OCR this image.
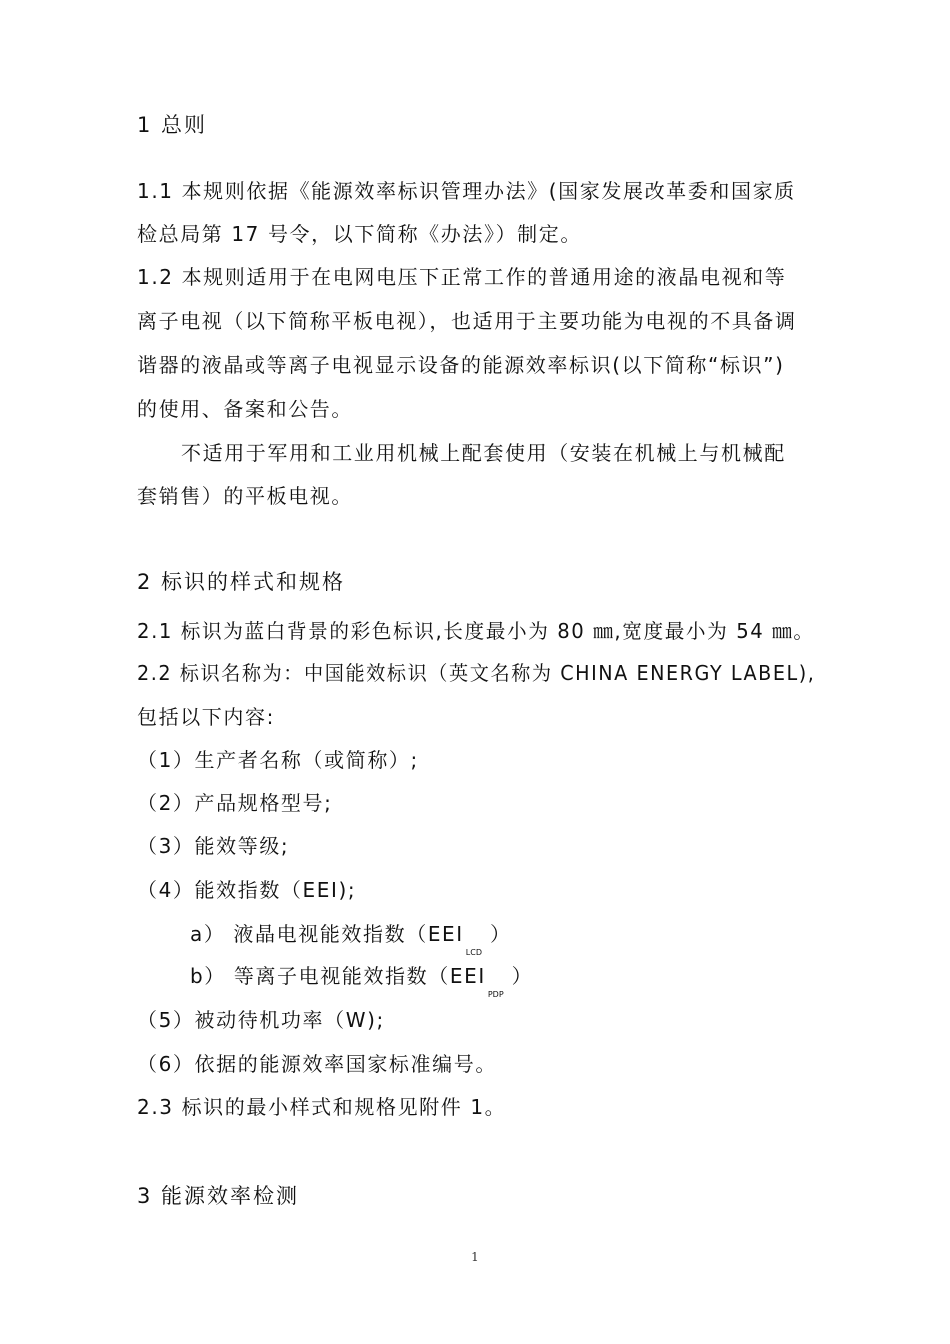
1 总则
1.1 本规则依据《能源效率标识管理办法》(国家发展改革委和国家质
检总局第 17 号令，以下简称《办法》）制定。
1.2 本规则适用于在电网电压下正常工作的普通用途的液晶电视和等
离子电视（以下简称平板电视），也适用于主要功能为电视的不具备调
谐器的液晶或等离子电视显示设备的能源效率标识(以下简称“标识”)
的使用、备案和公告。
不适用于军用和工业用机械上配套使用（安装在机械上与机械配
套销售）的平板电视。
2 标识的样式和规格
2.1 标识为蓝白背景的彩色标识,长度最小为 80 ㎜,宽度最小为 54 ㎜。
2.2 标识名称为：中国能效标识（英文名称为 CHINA ENERGY LABEL),
包括以下内容:
（1）生产者名称（或简称）;
（2）产品规格型号;
（3）能效等级;
（4）能效指数（EEI);
a） 液晶电视能效指数（EEILCD）
b） 等离子电视能效指数（EEIPDP）
（5）被动待机功率（W);
（6）依据的能源效率国家标准编号。
2.3 标识的最小样式和规格见附件 1。
3 能源效率检测
1
